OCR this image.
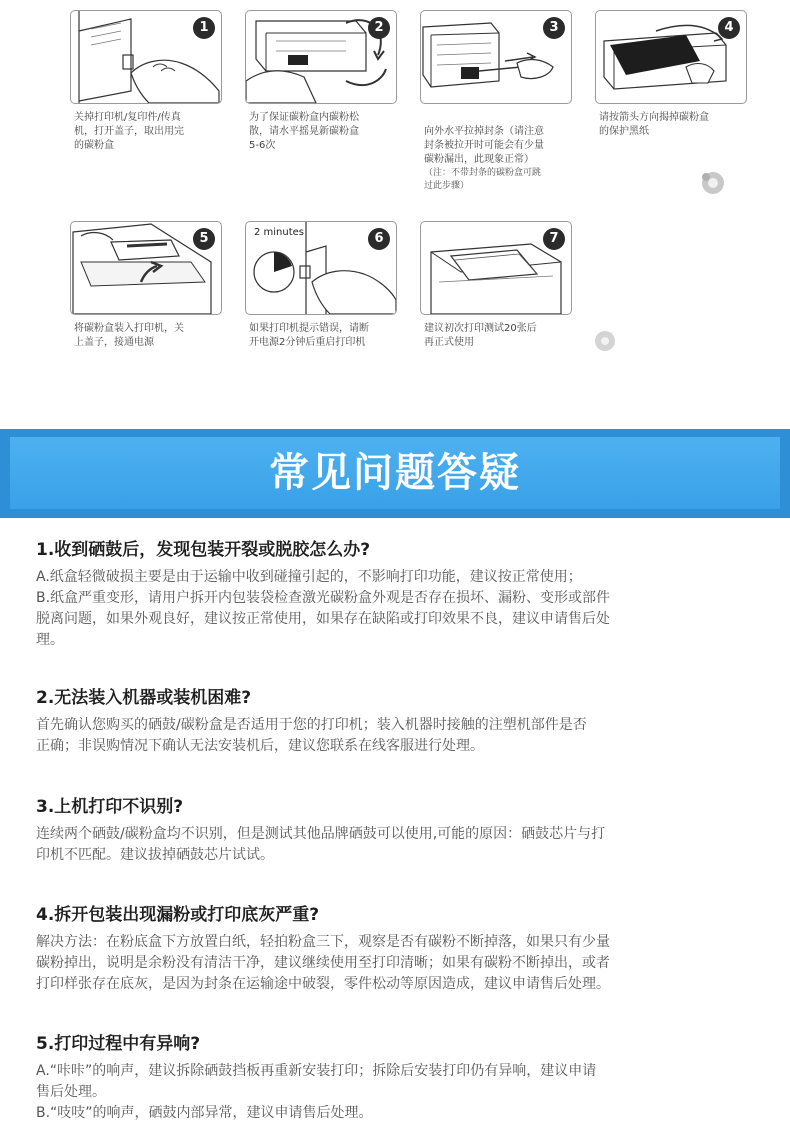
1
关掉打印机/复印件/传真
机，打开盖子，取出用完
的碳粉盒
2
为了保证碳粉盒内碳粉松
散，请水平摇晃新碳粉盒
5-6次
3

向外水平拉掉封条（请注意
封条被拉开时可能会有少量
碳粉漏出，此现象正常）

（注：不带封条的碳粉盒可跳
过此步骤）

4
请按箭头方向揭掉碳粉盒
的保护黑纸
5
将碳粉盒装入打印机，关
上盖子，接通电源
2 minutes	6
如果打印机提示错误，请断
开电源2分钟后重启打印机
7
建议初次打印测试20张后
再正式使用
常见问题答疑

1.收到硒鼓后，发现包装开裂或脱胶怎么办?

A.纸盒轻微破损主要是由于运输中收到碰撞引起的，不影响打印功能，建议按正常使用；
B.纸盒严重变形，请用户拆开内包装袋检查激光碳粉盒外观是否存在损坏、漏粉、变形或部件
脱离问题，如果外观良好，建议按正常使用，如果存在缺陷或打印效果不良，建议申请售后处
理。

2.无法装入机器或装机困难?

首先确认您购买的硒鼓/碳粉盒是否适用于您的打印机；装入机器时接触的注塑机部件是否
正确；非误购情况下确认无法安装机后，建议您联系在线客服进行处理。

3.上机打印不识别?

连续两个硒鼓/碳粉盒均不识别，但是测试其他品牌硒鼓可以使用,可能的原因：硒鼓芯片与打
印机不匹配。建议拔掉硒鼓芯片试试。

4.拆开包装出现漏粉或打印底灰严重?

解决方法：在粉底盒下方放置白纸，轻拍粉盒三下，观察是否有碳粉不断掉落，如果只有少量
碳粉掉出，说明是余粉没有清洁干净，建议继续使用至打印清晰；如果有碳粉不断掉出，或者
打印样张存在底灰，是因为封条在运输途中破裂，零件松动等原因造成，建议申请售后处理。

5.打印过程中有异响?

A.“咔咔”的响声，建议拆除硒鼓挡板再重新安装打印；拆除后安装打印仍有异响，建议申请
售后处理。
B.“吱吱”的响声，硒鼓内部异常，建议申请售后处理。
